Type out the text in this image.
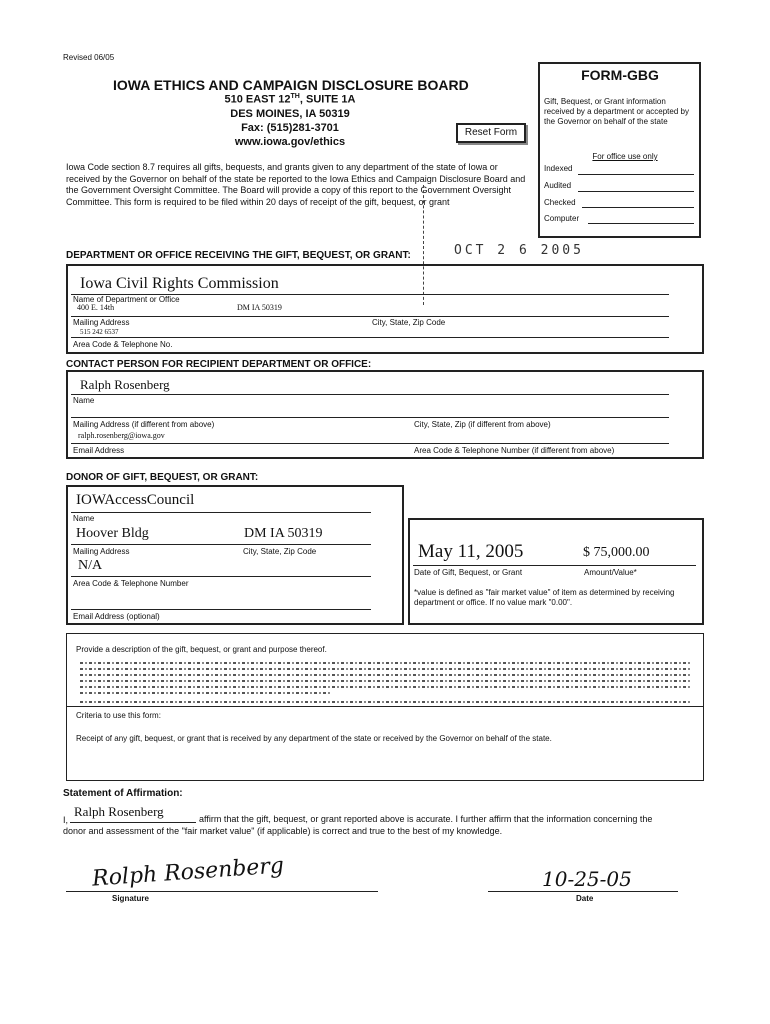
Revised 06/05
IOWA ETHICS AND CAMPAIGN DISCLOSURE BOARD
510 EAST 12TH, SUITE 1A
DES MOINES, IA 50319
Fax: (515)281-3701
www.iowa.gov/ethics
Reset Form
FORM-GBG
Gift, Bequest, or Grant information received by a department or accepted by the Governor on behalf of the state
For office use only
Indexed
Audited
Checked
Computer
Iowa Code section 8.7 requires all gifts, bequests, and grants given to any department of the state of Iowa or received by the Governor on behalf of the state be reported to the Iowa Ethics and Campaign Disclosure Board and the Government Oversight Committee. The Board will provide a copy of this report to the Government Oversight Committee. This form is required to be filed within 20 days of receipt of the gift, bequest, or grant
OCT 2 6 2005
DEPARTMENT OR OFFICE RECEIVING THE GIFT, BEQUEST, OR GRANT:
Iowa Civil Rights Commission
Name of Department or Office
400 E. 14th	DM IA 50319
Mailing Address	City, State, Zip Code
515 242 6537
Area Code & Telephone No.
CONTACT PERSON FOR RECIPIENT DEPARTMENT OR OFFICE:
Ralph Rosenberg
Name
Mailing Address (if different from above)	City, State, Zip (if different from above)
ralph.rosenberg@iowa.gov
Email Address	Area Code & Telephone Number (if different from above)
DONOR OF GIFT, BEQUEST, OR GRANT:
IOWAccessCouncil
Name
Hoover Bldg	DM IA 50319
Mailing Address	City, State, Zip Code
N/A
Area Code & Telephone Number
Email Address (optional)
May 11, 2005	$ 75,000.00
Date of Gift, Bequest, or Grant	Amount/Value*
*value is defined as "fair market value" of item as determined by receiving department or office. If no value mark "0.00".
Provide a description of the gift, bequest, or grant and purpose thereof.
Criteria to use this form:
Receipt of any gift, bequest, or grant that is received by any department of the state or received by the Governor on behalf of the state.
Statement of Affirmation:
I,
Ralph Rosenberg	affirm that the gift, bequest, or grant reported above is accurate. I further affirm that the information concerning the
donor and assessment of the "fair market value" (if applicable) is correct and true to the best of my knowledge.
Rolph Rosenberg
Signature
10-25-05
Date
